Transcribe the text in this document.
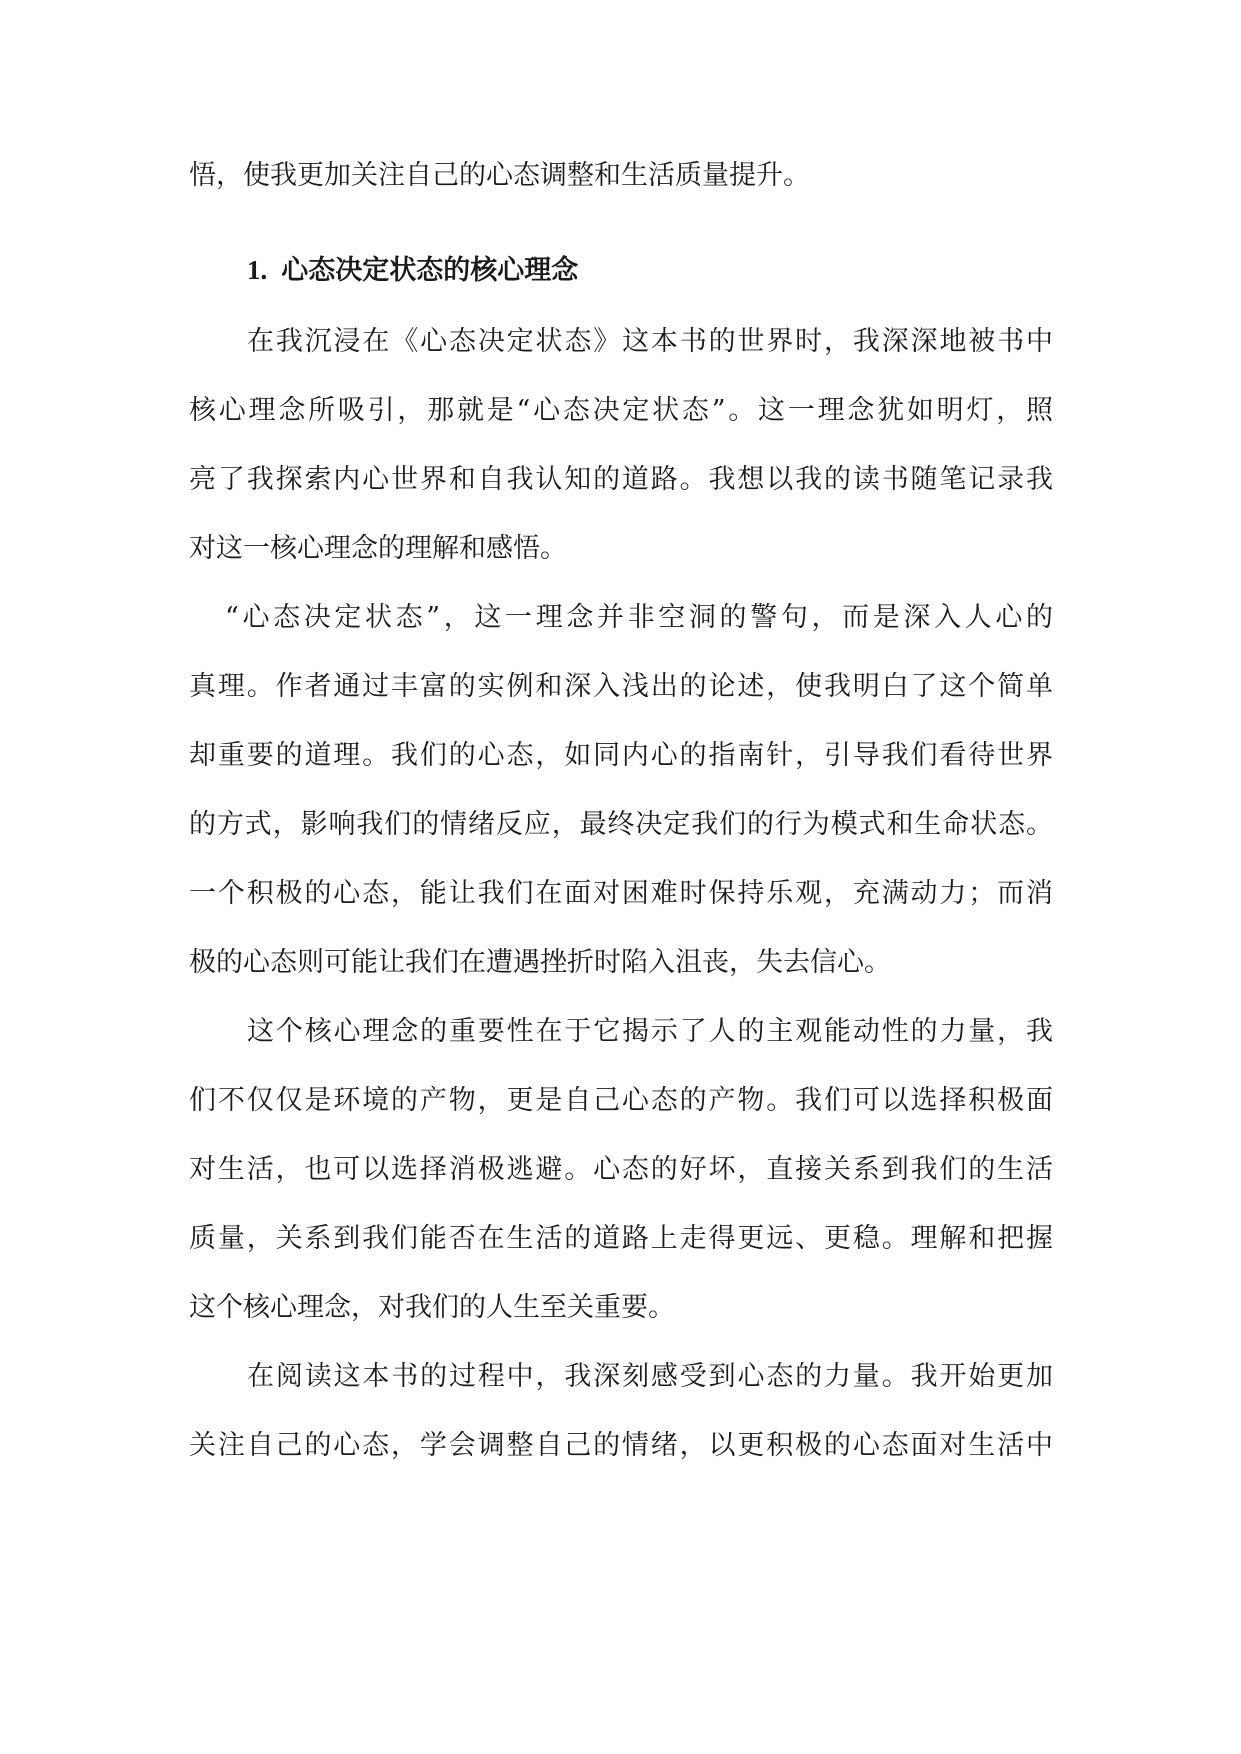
悟，使我更加关注自己的心态调整和生活质量提升。
1. 心态决定状态的核心理念
在我沉浸在《心态决定状态》这本书的世界时，我深深地被书中
核心理念所吸引，那就是“心态决定状态”。这一理念犹如明灯，照
亮了我探索内心世界和自我认知的道路。我想以我的读书随笔记录我
对这一核心理念的理解和感悟。
“心态决定状态”，这一理念并非空洞的警句，而是深入人心的
真理。作者通过丰富的实例和深入浅出的论述，使我明白了这个简单
却重要的道理。我们的心态，如同内心的指南针，引导我们看待世界
的方式，影响我们的情绪反应，最终决定我们的行为模式和生命状态。
一个积极的心态，能让我们在面对困难时保持乐观，充满动力；而消
极的心态则可能让我们在遭遇挫折时陷入沮丧，失去信心。
这个核心理念的重要性在于它揭示了人的主观能动性的力量，我
们不仅仅是环境的产物，更是自己心态的产物。我们可以选择积极面
对生活，也可以选择消极逃避。心态的好坏，直接关系到我们的生活
质量，关系到我们能否在生活的道路上走得更远、更稳。理解和把握
这个核心理念，对我们的人生至关重要。
在阅读这本书的过程中，我深刻感受到心态的力量。我开始更加
关注自己的心态，学会调整自己的情绪，以更积极的心态面对生活中
